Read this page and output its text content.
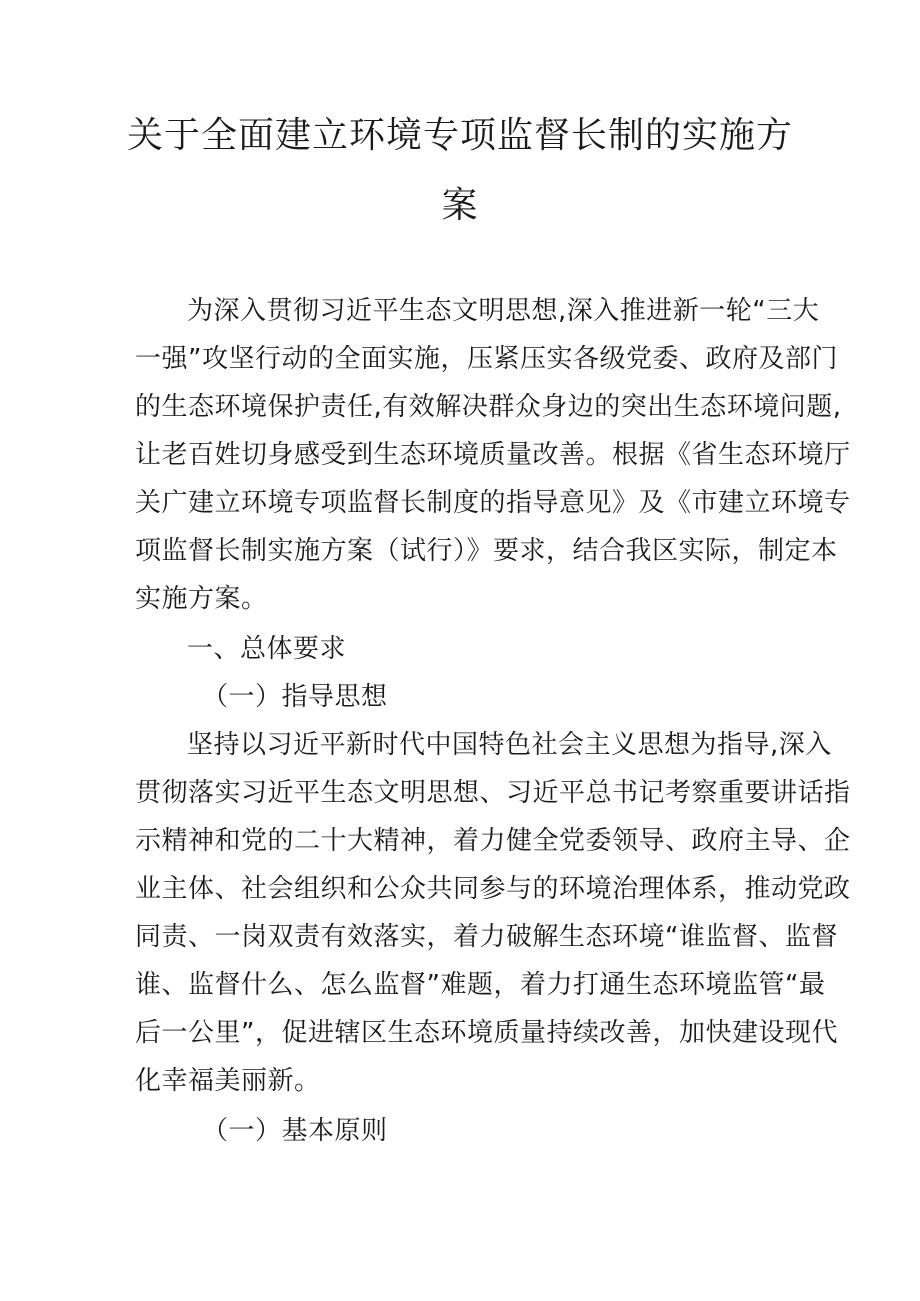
关于全面建立环境专项监督长制的实施方
案
为深入贯彻习近平生态文明思想,深入推进新一轮“三大
一强”攻坚行动的全面实施，压紧压实各级党委、政府及部门
的生态环境保护责任,有效解决群众身边的突出生态环境问题,
让老百姓切身感受到生态环境质量改善。根据《省生态环境厅
关广建立环境专项监督长制度的指导意见》及《市建立环境专
项监督长制实施方案（试行）》要求，结合我区实际，制定本
实施方案。
一、总体要求
（一）指导思想
坚持以习近平新时代中国特色社会主义思想为指导,深入
贯彻落实习近平生态文明思想、习近平总书记考察重要讲话指
示精神和党的二十大精神，着力健全党委领导、政府主导、企
业主体、社会组织和公众共同参与的环境治理体系，推动党政
同责、一岗双责有效落实，着力破解生态环境“谁监督、监督
谁、监督什么、怎么监督”难题，着力打通生态环境监管“最
后一公里”，促进辖区生态环境质量持续改善，加快建设现代
化幸福美丽新。
（一）基本原则
